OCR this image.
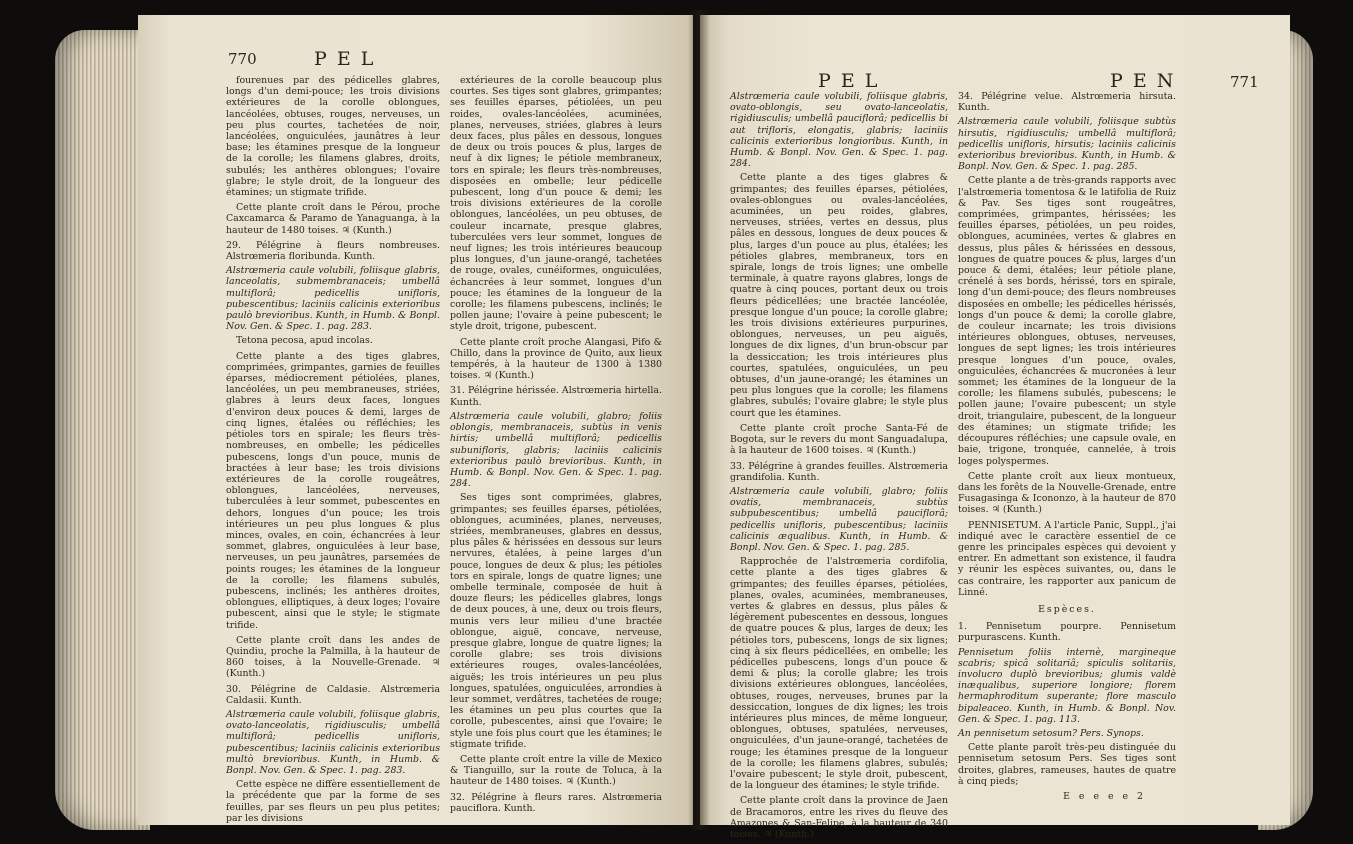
770	P E L

fourenues par des pédicelles glabres, longs d'un demi-pouce; les trois divisions extérieures de la corolle oblongues, lancéolées, obtuses, rouges, nerveuses, un peu plus courtes, tachetées de noir, lancéolées, onguiculées, jaunâtres à leur base; les étamines presque de la longueur de la corolle; les filamens glabres, droits, subulés; les anthères oblongues; l'ovaire glabre; le style droit, de la longueur des étamines; un stigmate trifide.

Cette plante croît dans le Pérou, proche Caxcamarca & Paramo de Yanaguanga, à la hauteur de 1480 toises. ♃ (Kunth.)

29. Pélégrine à fleurs nombreuses. Alstrœmeria floribunda. Kunth.

Alstrœmeria caule volubili, foliisque glabris, lanceolatis, submembranaceis; umbellâ multiflorâ; pedicellis unifloris, pubescentibus; laciniis calicinis exterioribus paulò brevioribus. Kunth, in Humb. & Bonpl. Nov. Gen. & Spec. 1. pag. 283.

Tetona pecosa, apud incolas.

Cette plante a des tiges glabres, comprimées, grimpantes, garnies de feuilles éparses, médiocrement pétiolées, planes, lancéolées, un peu membraneuses, striées, glabres à leurs deux faces, longues d'environ deux pouces & demi, larges de cinq lignes, étalées ou réfléchies; les pétioles tors en spirale; les fleurs très-nombreuses, en ombelle; les pédicelles pubescens, longs d'un pouce, munis de bractées à leur base; les trois divisions extérieures de la corolle rougeâtres, oblongues, lancéolées, nerveuses, tuberculées à leur sommet, pubescentes en dehors, longues d'un pouce; les trois intérieures un peu plus longues & plus minces, ovales, en coin, échancrées à leur sommet, glabres, onguiculées à leur base, nerveuses, un peu jaunâtres, parsemées de points rouges; les étamines de la longueur de la corolle; les filamens subulés, pubescens, inclinés; les anthères droites, oblongues, elliptiques, à deux loges; l'ovaire pubescent, ainsi que le style; le stigmate trifide.

Cette plante croît dans les andes de Quindiu, proche la Palmilla, à la hauteur de 860 toises, à la Nouvelle-Grenade. ♃ (Kunth.)

30. Pélégrine de Caldasie. Alstrœmeria Caldasii. Kunth.

Alstrœmeria caule volubili, foliisque glabris, ovato-lanceolatis, rigidiusculis; umbellâ multiflorâ; pedicellis unifloris, pubescentibus; laciniis calicinis exterioribus multò brevioribus. Kunth, in Humb. & Bonpl. Nov. Gen. & Spec. 1. pag. 283.

Cette espèce ne diffère essentiellement de la précédente que par la forme de ses feuilles, par ses fleurs un peu plus petites; par les divisions

extérieures de la corolle beaucoup plus courtes. Ses tiges sont glabres, grimpantes; ses feuilles éparses, pétiolées, un peu roides, ovales-lancéolées, acuminées, planes, nerveuses, striées, glabres à leurs deux faces, plus pâles en dessous, longues de deux ou trois pouces & plus, larges de neuf à dix lignes; le pétiole membraneux, tors en spirale; les fleurs très-nombreuses, disposées en ombelle; leur pédicelle pubescent, long d'un pouce & demi; les trois divisions extérieures de la corolle oblongues, lancéolées, un peu obtuses, de couleur incarnate, presque glabres, tuberculées vers leur sommet, longues de neuf lignes; les trois intérieures beaucoup plus longues, d'un jaune-orangé, tachetées de rouge, ovales, cunéiformes, onguiculées, échancrées à leur sommet, longues d'un pouce; les étamines de la longueur de la corolle; les filamens pubescens, inclinés; le pollen jaune; l'ovaire à peine pubescent; le style droit, trigone, pubescent.

Cette plante croît proche Alangasi, Pifo & Chillo, dans la province de Quito, aux lieux tempérés, à la hauteur de 1300 à 1380 toises. ♃ (Kunth.)

31. Pélégrine hérissée. Alstrœmeria hirtella. Kunth.

Alstrœmeria caule volubili, glabro; foliis oblongis, membranaceis, subtùs in venis hirtis; umbellâ multiflorâ; pedicellis subunifloris, glabris; laciniis calicinis exterioribus paulò brevioribus. Kunth, in Humb. & Bonpl. Nov. Gen. & Spec. 1. pag. 284.

Ses tiges sont comprimées, glabres, grimpantes; ses feuilles éparses, pétiolées, oblongues, acuminées, planes, nerveuses, striées, membraneuses, glabres en dessus, plus pâles & hérissées en dessous sur leurs nervures, étalées, à peine larges d'un pouce, longues de deux & plus; les pétioles tors en spirale, longs de quatre lignes; une ombelle terminale, composée de huit à douze fleurs; les pédicelles glabres, longs de deux pouces, à une, deux ou trois fleurs, munis vers leur milieu d'une bractée oblongue, aiguë, concave, nerveuse, presque glabre, longue de quatre lignes; la corolle glabre; ses trois divisions extérieures rouges, ovales-lancéolées, aiguës; les trois intérieures un peu plus longues, spatulées, onguiculées, arrondies à leur sommet, verdâtres, tachetées de rouge; les étamines un peu plus courtes que la corolle, pubescentes, ainsi que l'ovaire; le style une fois plus court que les étamines; le stigmate trifide.

Cette plante croît entre la ville de Mexico & Tianguillo, sur la route de Toluca, à la hauteur de 1480 toises. ♃ (Kunth.)

32. Pélégrine à fleurs rares. Alstrœmeria pauciflora. Kunth.

P E L	P E N	771

Alstrœmeria caule volubili, foliisque glabris, ovato-oblongis, seu ovato-lanceolatis, rigidiusculis; umbellâ pauciflorâ; pedicellis bi aut trifloris, elongatis, glabris; laciniis calicinis exterioribus longioribus. Kunth, in Humb. & Bonpl. Nov. Gen. & Spec. 1. pag. 284.

Cette plante a des tiges glabres & grimpantes; des feuilles éparses, pétiolées, ovales-oblongues ou ovales-lancéolées, acuminées, un peu roides, glabres, nerveuses, striées, vertes en dessus, plus pâles en dessous, longues de deux pouces & plus, larges d'un pouce au plus, étalées; les pétioles glabres, membraneux, tors en spirale, longs de trois lignes; une ombelle terminale, à quatre rayons glabres, longs de quatre à cinq pouces, portant deux ou trois fleurs pédicellées; une bractée lancéolée, presque longue d'un pouce; la corolle glabre; les trois divisions extérieures purpurines, oblongues, nerveuses, un peu aiguës, longues de dix lignes, d'un brun-obscur par la dessiccation; les trois intérieures plus courtes, spatulées, onguiculées, un peu obtuses, d'un jaune-orangé; les étamines un peu plus longues que la corolle; les filamens glabres, subulés; l'ovaire glabre; le style plus court que les étamines.

Cette plante croît proche Santa-Fé de Bogota, sur le revers du mont Sanguadalupa, à la hauteur de 1600 toises. ♃ (Kunth.)

33. Pélégrine à grandes feuilles. Alstrœmeria grandifolia. Kunth.

Alstrœmeria caule volubili, glabro; foliis ovatis, membranaceis, subtùs subpubescentibus; umbellâ pauciflorâ; pedicellis unifloris, pubescentibus; laciniis calicinis æqualibus. Kunth, in Humb. & Bonpl. Nov. Gen. & Spec. 1. pag. 285.

Rapprochée de l'alstrœmeria cordifolia, cette plante a des tiges glabres & grimpantes; des feuilles éparses, pétiolées, planes, ovales, acuminées, membraneuses, vertes & glabres en dessus, plus pâles & légèrement pubescentes en dessous, longues de quatre pouces & plus, larges de deux; les pétioles tors, pubescens, longs de six lignes; cinq à six fleurs pédicellées, en ombelle; les pédicelles pubescens, longs d'un pouce & demi & plus; la corolle glabre; les trois divisions extérieures oblongues, lancéolées, obtuses, rouges, nerveuses, brunes par la dessiccation, longues de dix lignes; les trois intérieures plus minces, de même longueur, oblongues, obtuses, spatulées, nerveuses, onguiculées, d'un jaune-orangé, tachetées de rouge; les étamines presque de la longueur de la corolle; les filamens glabres, subulés; l'ovaire pubescent; le style droit, pubescent, de la longueur des étamines; le style trifide.

Cette plante croît dans la province de Jaen de Bracamoros, entre les rives du fleuve des Amazones & San-Felipe, à la hauteur de 340 toises. ♃ (Kunth.)

34. Pélégrine velue. Alstrœmeria hirsuta. Kunth.

Alstrœmeria caule volubili, foliisque subtùs hirsutis, rigidiusculis; umbellâ multiflorâ; pedicellis unifloris, hirsutis; laciniis calicinis exterioribus brevioribus. Kunth, in Humb. & Bonpl. Nov. Gen. & Spec. 1. pag. 285.

Cette plante a de très-grands rapports avec l'alstrœmeria tomentosa & le latifolia de Ruiz & Pav. Ses tiges sont rougeâtres, comprimées, grimpantes, hérissées; les feuilles éparses, pétiolées, un peu roides, oblongues, acuminées, vertes & glabres en dessus, plus pâles & hérissées en dessous, longues de quatre pouces & plus, larges d'un pouce & demi, étalées; leur pétiole plane, crénelé à ses bords, hérissé, tors en spirale, long d'un demi-pouce; des fleurs nombreuses disposées en ombelle; les pédicelles hérissés, longs d'un pouce & demi; la corolle glabre, de couleur incarnate; les trois divisions intérieures oblongues, obtuses, nerveuses, longues de sept lignes; les trois intérieures presque longues d'un pouce, ovales, onguiculées, échancrées & mucronées à leur sommet; les étamines de la longueur de la corolle; les filamens subulés, pubescens; le pollen jaune; l'ovaire pubescent; un style droit, triangulaire, pubescent, de la longueur des étamines; un stigmate trifide; les découpures réfléchies; une capsule ovale, en baie, trigone, tronquée, cannelée, à trois loges polyspermes.

Cette plante croît aux lieux montueux, dans les forêts de la Nouvelle-Grenade, entre Fusagasinga & Icononzo, à la hauteur de 870 toises. ♃ (Kunth.)

PENNISETUM. A l'article Panic, Suppl., j'ai indiqué avec le caractère essentiel de ce genre les principales espèces qui devoient y entrer. En admettant son existence, il faudra y réunir les espèces suivantes, ou, dans le cas contraire, les rapporter aux panicum de Linné.

Espèces.

1. Pennisetum pourpre. Pennisetum purpurascens. Kunth.

Pennisetum foliis internè, margineque scabris; spicâ solitariâ; spiculis solitariis, involucro duplò brevioribus; glumis valdè inæqualibus, superiore longiore; florem hermaphroditum superante; flore masculo bipaleaceo. Kunth, in Humb. & Bonpl. Nov. Gen. & Spec. 1. pag. 113.

An pennisetum setosum? Pers. Synops.

Cette plante paroît très-peu distinguée du pennisetum setosum Pers. Ses tiges sont droites, glabres, rameuses, hautes de quatre à cinq pieds;

E e e e e 2
